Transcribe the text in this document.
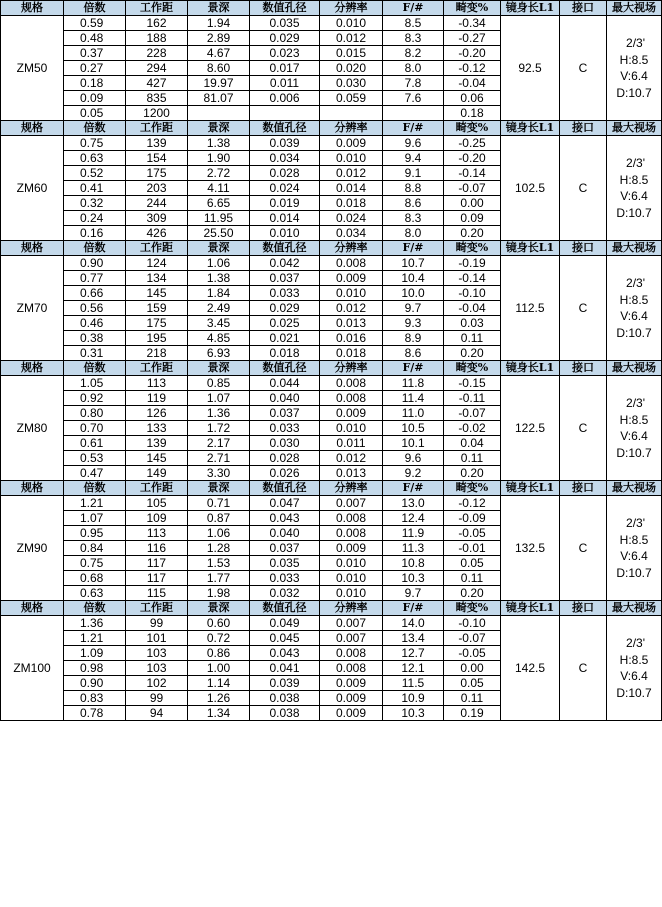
规格	倍数	工作距	景深	数值孔径	分辨率	F/#	畸变%	镜身长L1	接口	最大视场
ZM50	0.59	162	1.94	0.035	0.010	8.5	-0.34	92.5	C	2/3'
H:8.5
V:6.4
D:10.7

	0.48	188	2.89	0.029	0.012	8.3	-0.27			
	0.37	228	4.67	0.023	0.015	8.2	-0.20			
	0.27	294	8.60	0.017	0.020	8.0	-0.12			
	0.18	427	19.97	0.011	0.030	7.8	-0.04			
	0.09	835	81.07	0.006	0.059	7.6	0.06			
	0.05	1200					0.18			
规格	倍数	工作距	景深	数值孔径	分辨率	F/#	畸变%	镜身长L1	接口	最大视场
ZM60	0.75	139	1.38	0.039	0.009	9.6	-0.25	102.5	C	2/3'
H:8.5
V:6.4
D:10.7

	0.63	154	1.90	0.034	0.010	9.4	-0.20			
	0.52	175	2.72	0.028	0.012	9.1	-0.14			
	0.41	203	4.11	0.024	0.014	8.8	-0.07			
	0.32	244	6.65	0.019	0.018	8.6	0.00			
	0.24	309	11.95	0.014	0.024	8.3	0.09			
	0.16	426	25.50	0.010	0.034	8.0	0.20			
规格	倍数	工作距	景深	数值孔径	分辨率	F/#	畸变%	镜身长L1	接口	最大视场
ZM70	0.90	124	1.06	0.042	0.008	10.7	-0.19	112.5	C	2/3'
H:8.5
V:6.4
D:10.7

	0.77	134	1.38	0.037	0.009	10.4	-0.14			
	0.66	145	1.84	0.033	0.010	10.0	-0.10			
	0.56	159	2.49	0.029	0.012	9.7	-0.04			
	0.46	175	3.45	0.025	0.013	9.3	0.03			
	0.38	195	4.85	0.021	0.016	8.9	0.11			
	0.31	218	6.93	0.018	0.018	8.6	0.20			
规格	倍数	工作距	景深	数值孔径	分辨率	F/#	畸变%	镜身长L1	接口	最大视场
ZM80	1.05	113	0.85	0.044	0.008	11.8	-0.15	122.5	C	2/3'
H:8.5
V:6.4
D:10.7

	0.92	119	1.07	0.040	0.008	11.4	-0.11			
	0.80	126	1.36	0.037	0.009	11.0	-0.07			
	0.70	133	1.72	0.033	0.010	10.5	-0.02			
	0.61	139	2.17	0.030	0.011	10.1	0.04			
	0.53	145	2.71	0.028	0.012	9.6	0.11			
	0.47	149	3.30	0.026	0.013	9.2	0.20			
规格	倍数	工作距	景深	数值孔径	分辨率	F/#	畸变%	镜身长L1	接口	最大视场
ZM90	1.21	105	0.71	0.047	0.007	13.0	-0.12	132.5	C	2/3'
H:8.5
V:6.4
D:10.7

	1.07	109	0.87	0.043	0.008	12.4	-0.09			
	0.95	113	1.06	0.040	0.008	11.9	-0.05			
	0.84	116	1.28	0.037	0.009	11.3	-0.01			
	0.75	117	1.53	0.035	0.010	10.8	0.05			
	0.68	117	1.77	0.033	0.010	10.3	0.11			
	0.63	115	1.98	0.032	0.010	9.7	0.20			
规格	倍数	工作距	景深	数值孔径	分辨率	F/#	畸变%	镜身长L1	接口	最大视场
ZM100	1.36	99	0.60	0.049	0.007	14.0	-0.10	142.5	C	2/3'
H:8.5
V:6.4
D:10.7

	1.21	101	0.72	0.045	0.007	13.4	-0.07			
	1.09	103	0.86	0.043	0.008	12.7	-0.05			
	0.98	103	1.00	0.041	0.008	12.1	0.00			
	0.90	102	1.14	0.039	0.009	11.5	0.05			
	0.83	99	1.26	0.038	0.009	10.9	0.11			
	0.78	94	1.34	0.038	0.009	10.3	0.19			
